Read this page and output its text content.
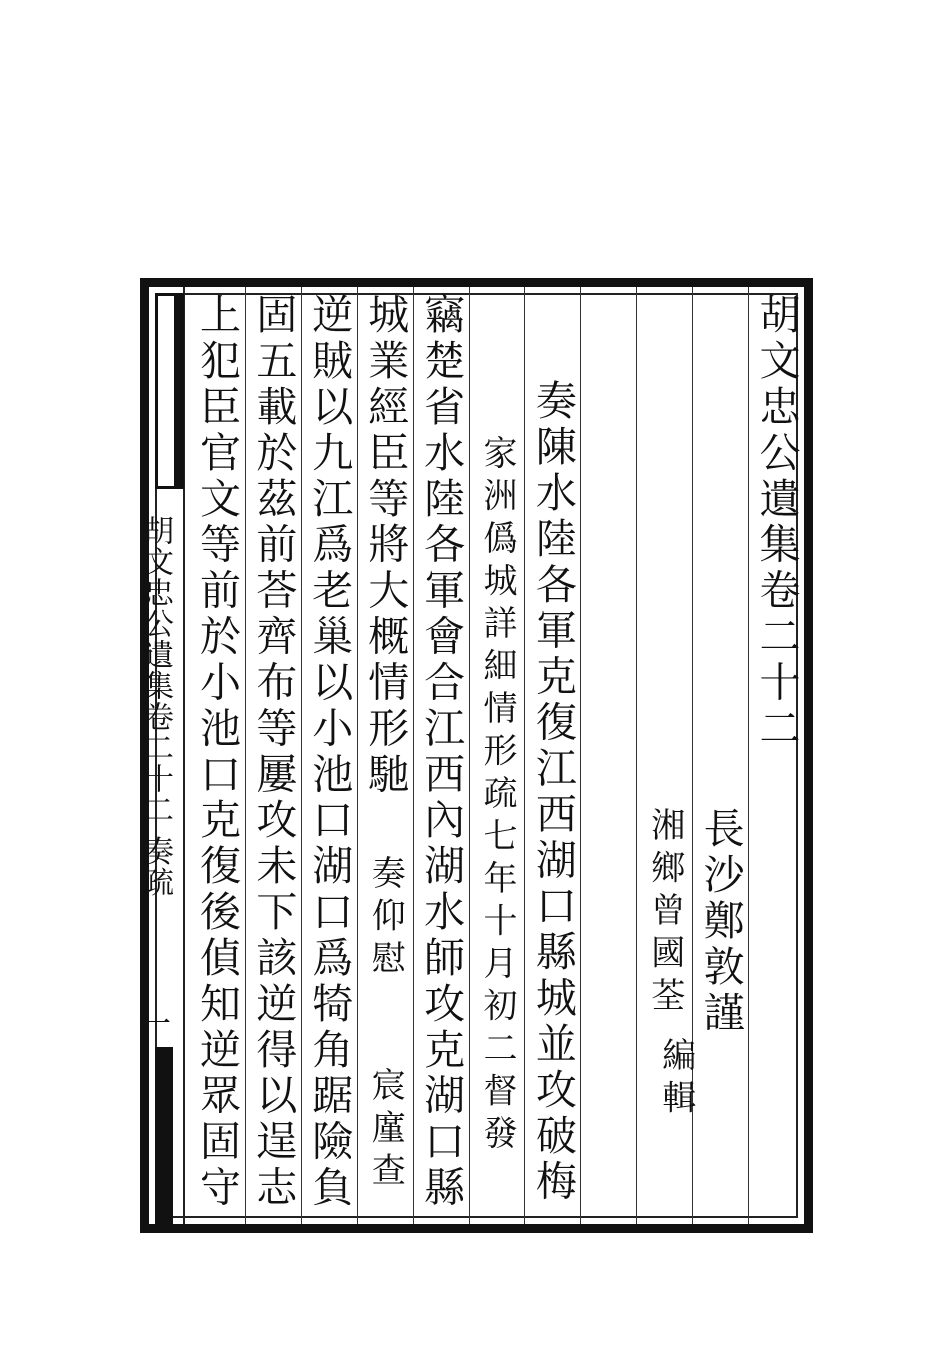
胡文忠公遺集卷二十二 奏疏
一
胡文忠公遺集卷二十二
長沙鄭敦謹
湘鄉曾國荃
編輯
奏陳水陸各軍克復江西湖口縣城並攻破梅
家洲僞城詳細情形疏七年十月初二督發
竊楚省水陸各軍會合江西內湖水師攻克湖口縣
城業經臣等將大概情形馳
奏仰慰
宸廑查
逆賊以九江爲老巢以小池口湖口爲犄角踞險負
固五載於茲前荅齊布等屢攻未下該逆得以逞志
上犯臣官文等前於小池口克復後偵知逆眾固守
